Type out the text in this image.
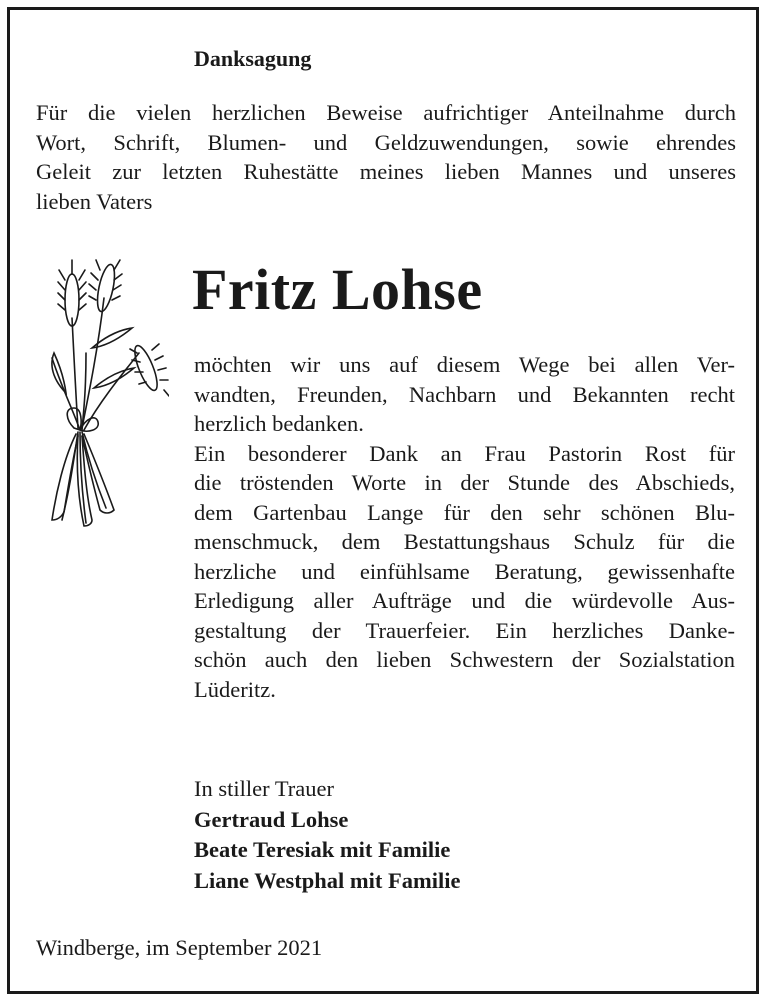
Danksagung
Für die vielen herzlichen Beweise aufrichtiger Anteilnahme durch
Wort, Schrift, Blumen- und Geldzuwendungen, sowie ehrendes
Geleit zur letzten Ruhestätte meines lieben Mannes und unseres
lieben Vaters
Fritz Lohse
möchten wir uns auf diesem Wege bei allen Ver-
wandten, Freunden, Nachbarn und Bekannten recht
herzlich bedanken.
Ein besonderer Dank an Frau Pastorin Rost für
die tröstenden Worte in der Stunde des Abschieds,
dem Gartenbau Lange für den sehr schönen Blu-
menschmuck, dem Bestattungshaus Schulz für die
herzliche und einfühlsame Beratung, gewissenhafte
Erledigung aller Aufträge und die würdevolle Aus-
gestaltung der Trauerfeier. Ein herzliches Danke-
schön auch den lieben Schwestern der Sozialstation
Lüderitz.
In stiller Trauer
Gertraud Lohse
Beate Teresiak mit Familie
Liane Westphal mit Familie
Windberge, im September 2021
